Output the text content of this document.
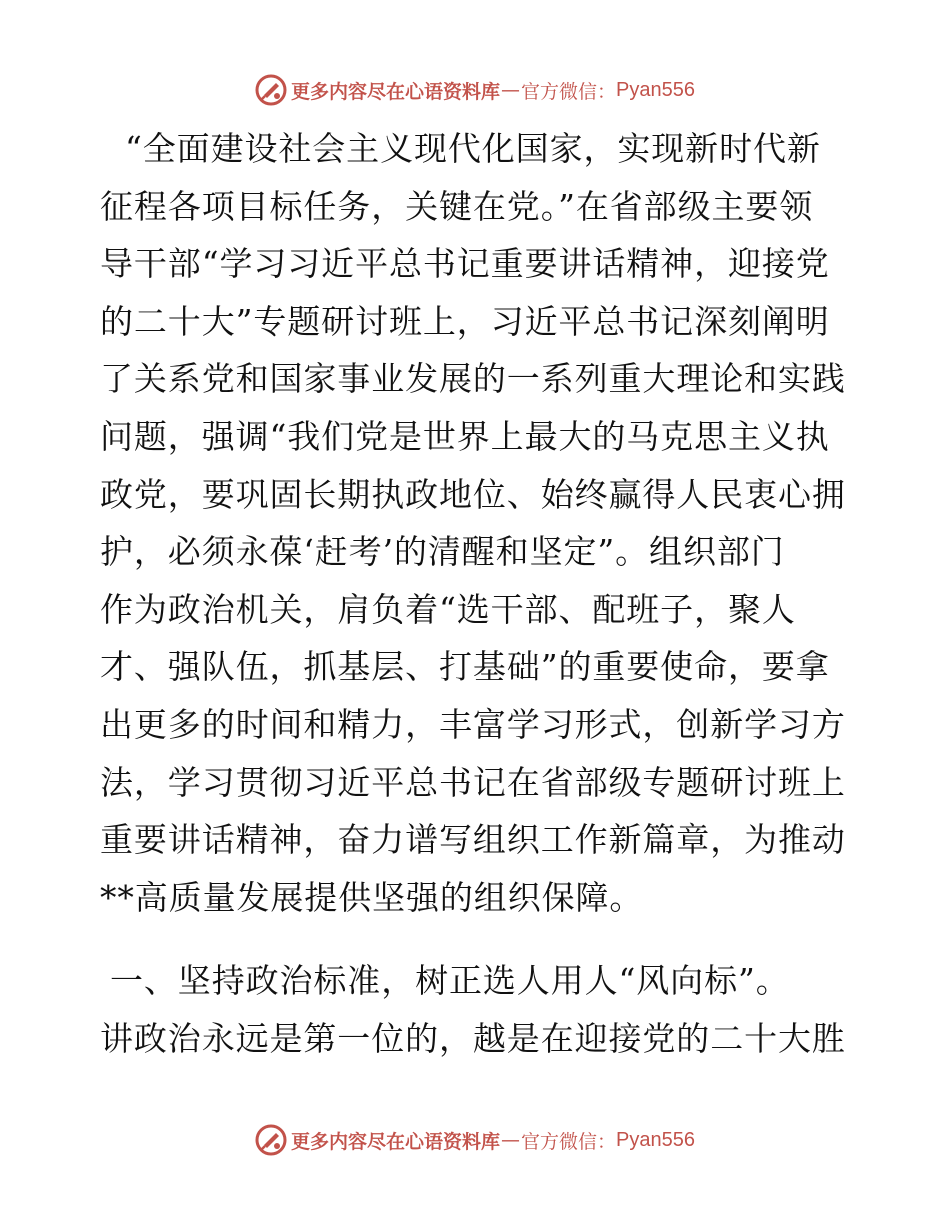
更多内容尽在心语资料库 — 官方微信： Pyan556
“全面建设社会主义现代化国家，实现新时代新
征程各项目标任务，关键在党。”在省部级主要领
导干部“学习习近平总书记重要讲话精神，迎接党
的二十大”专题研讨班上，习近平总书记深刻阐明
了关系党和国家事业发展的一系列重大理论和实践
问题，强调“我们党是世界上最大的马克思主义执
政党，要巩固长期执政地位、始终赢得人民衷心拥
护，必须永葆‘赶考’的清醒和坚定”。组织部门
作为政治机关，肩负着“选干部、配班子，聚人
才、强队伍，抓基层、打基础”的重要使命，要拿
出更多的时间和精力，丰富学习形式，创新学习方
法，学习贯彻习近平总书记在省部级专题研讨班上
重要讲话精神，奋力谱写组织工作新篇章，为推动
**高质量发展提供坚强的组织保障。
一、坚持政治标准，树正选人用人“风向标”。
讲政治永远是第一位的，越是在迎接党的二十大胜
更多内容尽在心语资料库 — 官方微信： Pyan556
